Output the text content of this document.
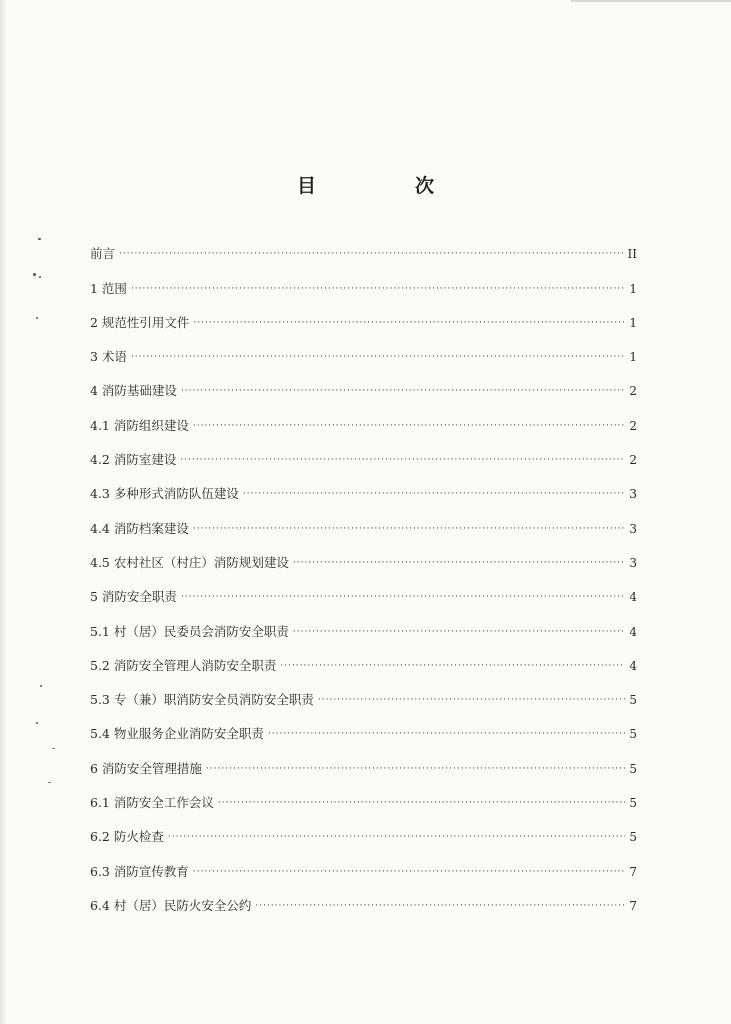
目　次
前言 ·····	II
1 范围 ·····	1
2 规范性引用文件 ·····	1
3 术语 ·····	1
4 消防基础建设 ·····	2
4.1 消防组织建设 ·····	2
4.2 消防室建设 ·····	2
4.3 多种形式消防队伍建设 ·····	3
4.4 消防档案建设 ·····	3
4.5 农村社区（村庄）消防规划建设 ·····	3
5 消防安全职责 ·····	4
5.1 村（居）民委员会消防安全职责 ·····	4
5.2 消防安全管理人消防安全职责 ·····	4
5.3 专（兼）职消防安全员消防安全职责 ·····	5
5.4 物业服务企业消防安全职责 ·····	5
6 消防安全管理措施 ·····	5
6.1 消防安全工作会议 ·····	5
6.2 防火检查 ·····	5
6.3 消防宣传教育 ·····	7
6.4 村（居）民防火安全公约 ·····	7
